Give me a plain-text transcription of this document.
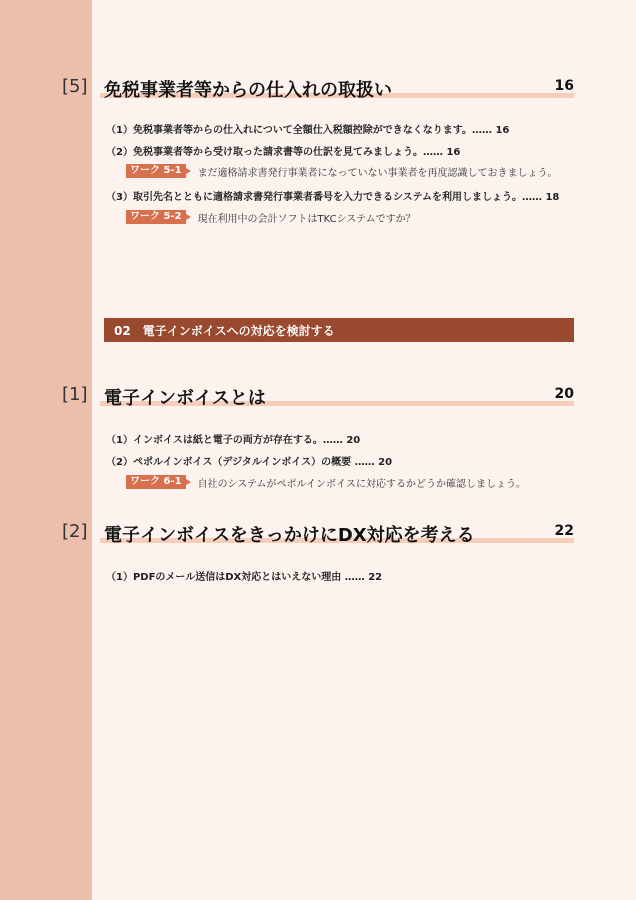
[5] 免税事業者等からの仕入れの取扱い	16
（1）免税事業者等からの仕入れについて全額仕入税額控除ができなくなります。…… 16
（2）免税事業者等から受け取った請求書等の仕訳を見てみましょう。…… 16
ワーク 5-1	まだ適格請求書発行事業者になっていない事業者を再度認識しておきましょう。
（3）取引先名とともに適格請求書発行事業者番号を入力できるシステムを利用しましょう。…… 18
ワーク 5-2	現在利用中の会計ソフトはTKCシステムですか？
02　電子インボイスへの対応を検討する
[1] 電子インボイスとは	20
（1）インボイスは紙と電子の両方が存在する。…… 20
（2）ペポルインボイス（デジタルインボイス）の概要 …… 20
ワーク 6-1	自社のシステムがペポルインボイスに対応するかどうか確認しましょう。
[2] 電子インボイスをきっかけにDX対応を考える	22
（1）PDFのメール送信はDX対応とはいえない理由 …… 22
